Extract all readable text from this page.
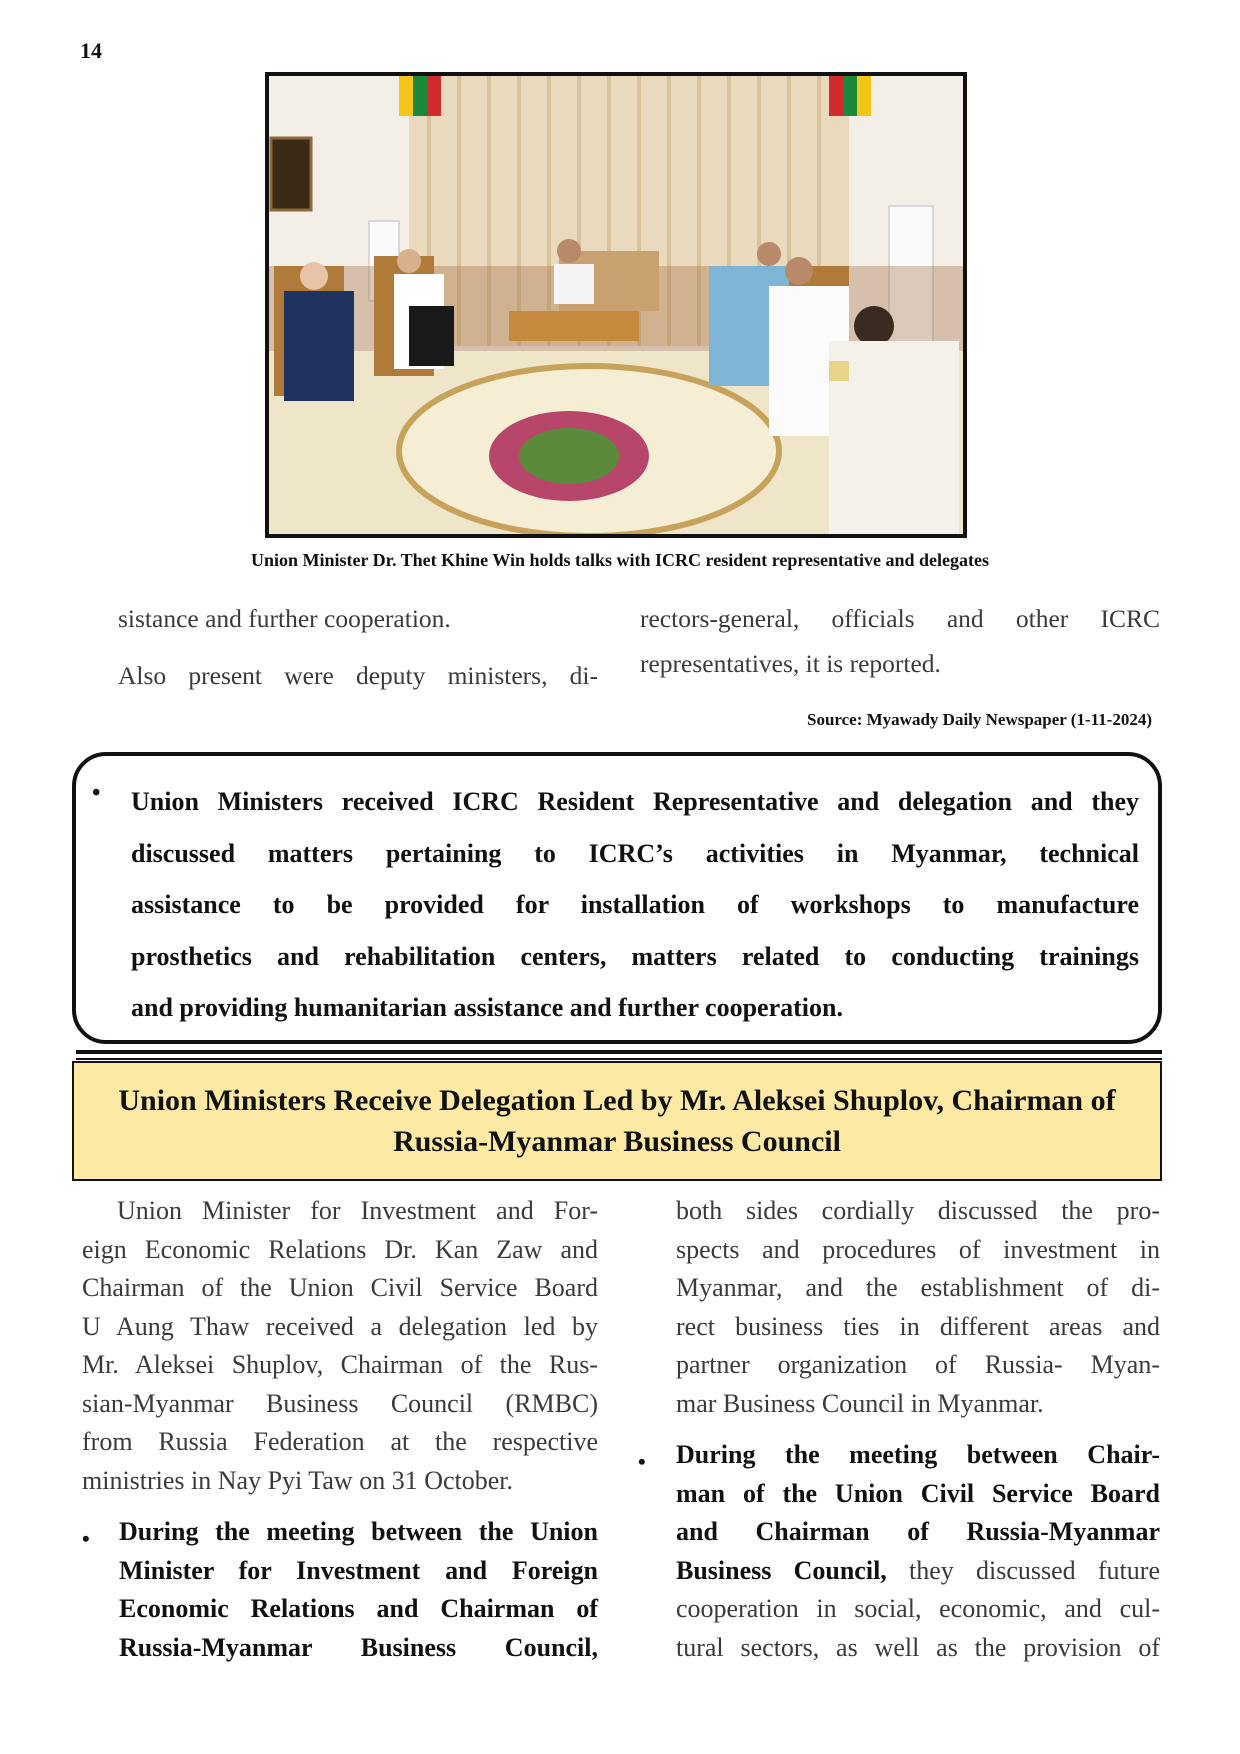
14
Union Minister Dr. Thet Khine Win holds talks with ICRC resident representative and delegates
sistance and further cooperation.
Also present were deputy ministers, di-
rectors-general, officials and other ICRC
representatives, it is reported.
Source: Myawady Daily Newspaper (1-11-2024)
• Union Ministers received ICRC Resident Representative and delegation and they
discussed matters pertaining to ICRC’s activities in Myanmar, technical
assistance to be provided for installation of workshops to manufacture
prosthetics and rehabilitation centers, matters related to conducting trainings
and providing humanitarian assistance and further cooperation.
Union Ministers Receive Delegation Led by Mr. Aleksei Shuplov, Chairman of
Russia-Myanmar Business Council
Union Minister for Investment and For-
eign Economic Relations Dr. Kan Zaw and
Chairman of the Union Civil Service Board
U Aung Thaw received a delegation led by
Mr. Aleksei Shuplov, Chairman of the Rus-
sian-Myanmar Business Council (RMBC)
from Russia Federation at the respective
ministries in Nay Pyi Taw on 31 October.
• During the meeting between the Union
Minister for Investment and Foreign
Economic Relations and Chairman of
Russia-Myanmar Business Council,
both sides cordially discussed the pro-
spects and procedures of investment in
Myanmar, and the establishment of di-
rect business ties in different areas and
partner organization of Russia- Myan-
mar Business Council in Myanmar.
• During the meeting between Chair-
man of the Union Civil Service Board
and Chairman of Russia-Myanmar
Business Council, they discussed future
cooperation in social, economic, and cul-
tural sectors, as well as the provision of
